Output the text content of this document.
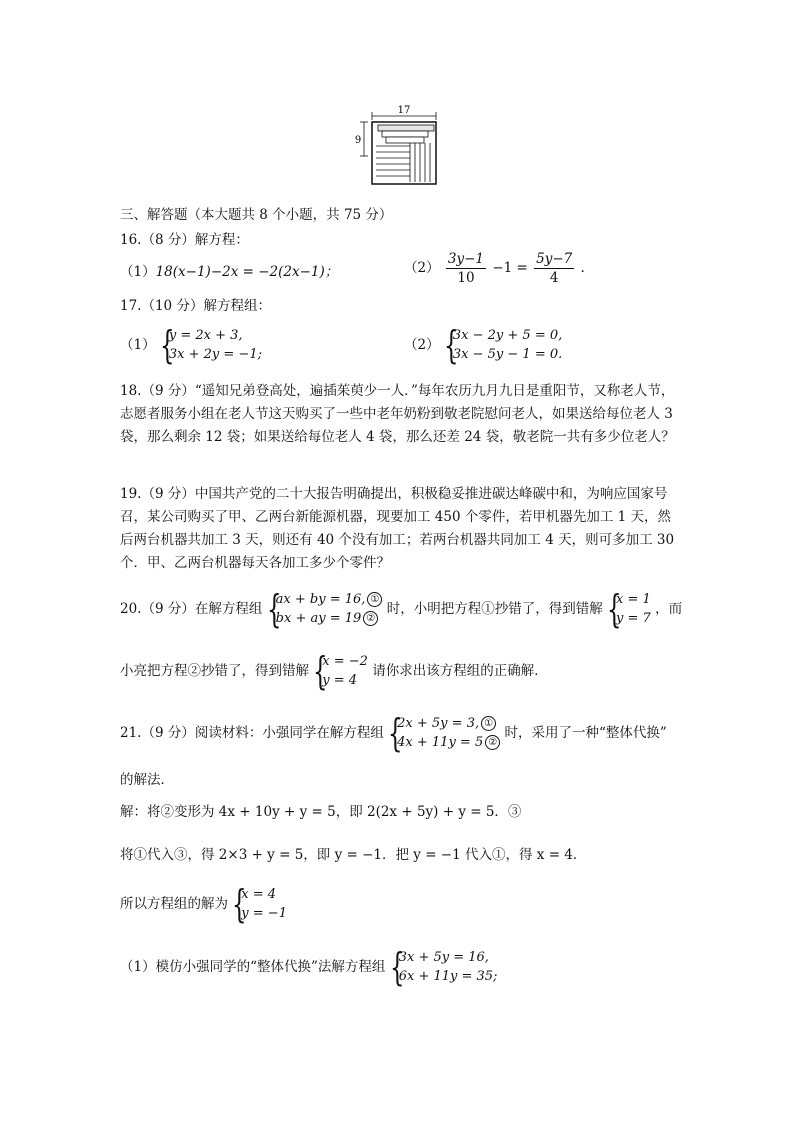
17
9
三、解答题（本大题共 8 个小题，共 75 分）
16.（8 分）解方程：
（1）18(x−1)−2x = −2(2x−1)；	$(2) \frac{3y-1}{10} -1 = \frac{5y-7}{4}$ .
17.（10 分）解方程组：
（1） {
y = 2x + 3,
3x + 2y = −1;
（2） {
3x − 2y + 5 = 0,
3x − 5y − 1 = 0.
18.（9 分）“遥知兄弟登高处，遍插茱萸少一人．”每年农历九月九日是重阳节，又称老人节，志愿者服务小组在老人节这天购买了一些中老年奶粉到敬老院慰问老人，如果送给每位老人 3 袋，那么剩余 12 袋；如果送给每位老人 4 袋，那么还差 24 袋，敬老院一共有多少位老人？
19.（9 分）中国共产党的二十大报告明确提出，积极稳妥推进碳达峰碳中和，为响应国家号召，某公司购买了甲、乙两台新能源机器，现要加工 450 个零件，若甲机器先加工 1 天，然后两台机器共加工 3 天，则还有 40 个没有加工；若两台机器共同加工 4 天，则可多加工 30 个．甲、乙两台机器每天各加工多少个零件？
20.（9 分）在解方程组 {
ax + by = 16, ①
bx + ay = 19 ②
时，小明把方程①抄错了，得到错解 {
x = 1
y = 7
，而
小亮把方程②抄错了，得到错解 {
x = −2
y = 4
请你求出该方程组的正确解．
21.（9 分）阅读材料：小强同学在解方程组 {
2x + 5y = 3, ①
4x + 11y = 5 ②
时，采用了一种“整体代换”
的解法．
解：将②变形为 4x + 10y + y = 5，即 2(2x + 5y) + y = 5．③
将①代入③，得 2×3 + y = 5，即 y = −1．把 y = −1 代入①，得 x = 4．
所以方程组的解为 {
x = 4
y = −1
（1）模仿小强同学的“整体代换”法解方程组 {
3x + 5y = 16,
6x + 11y = 35;
